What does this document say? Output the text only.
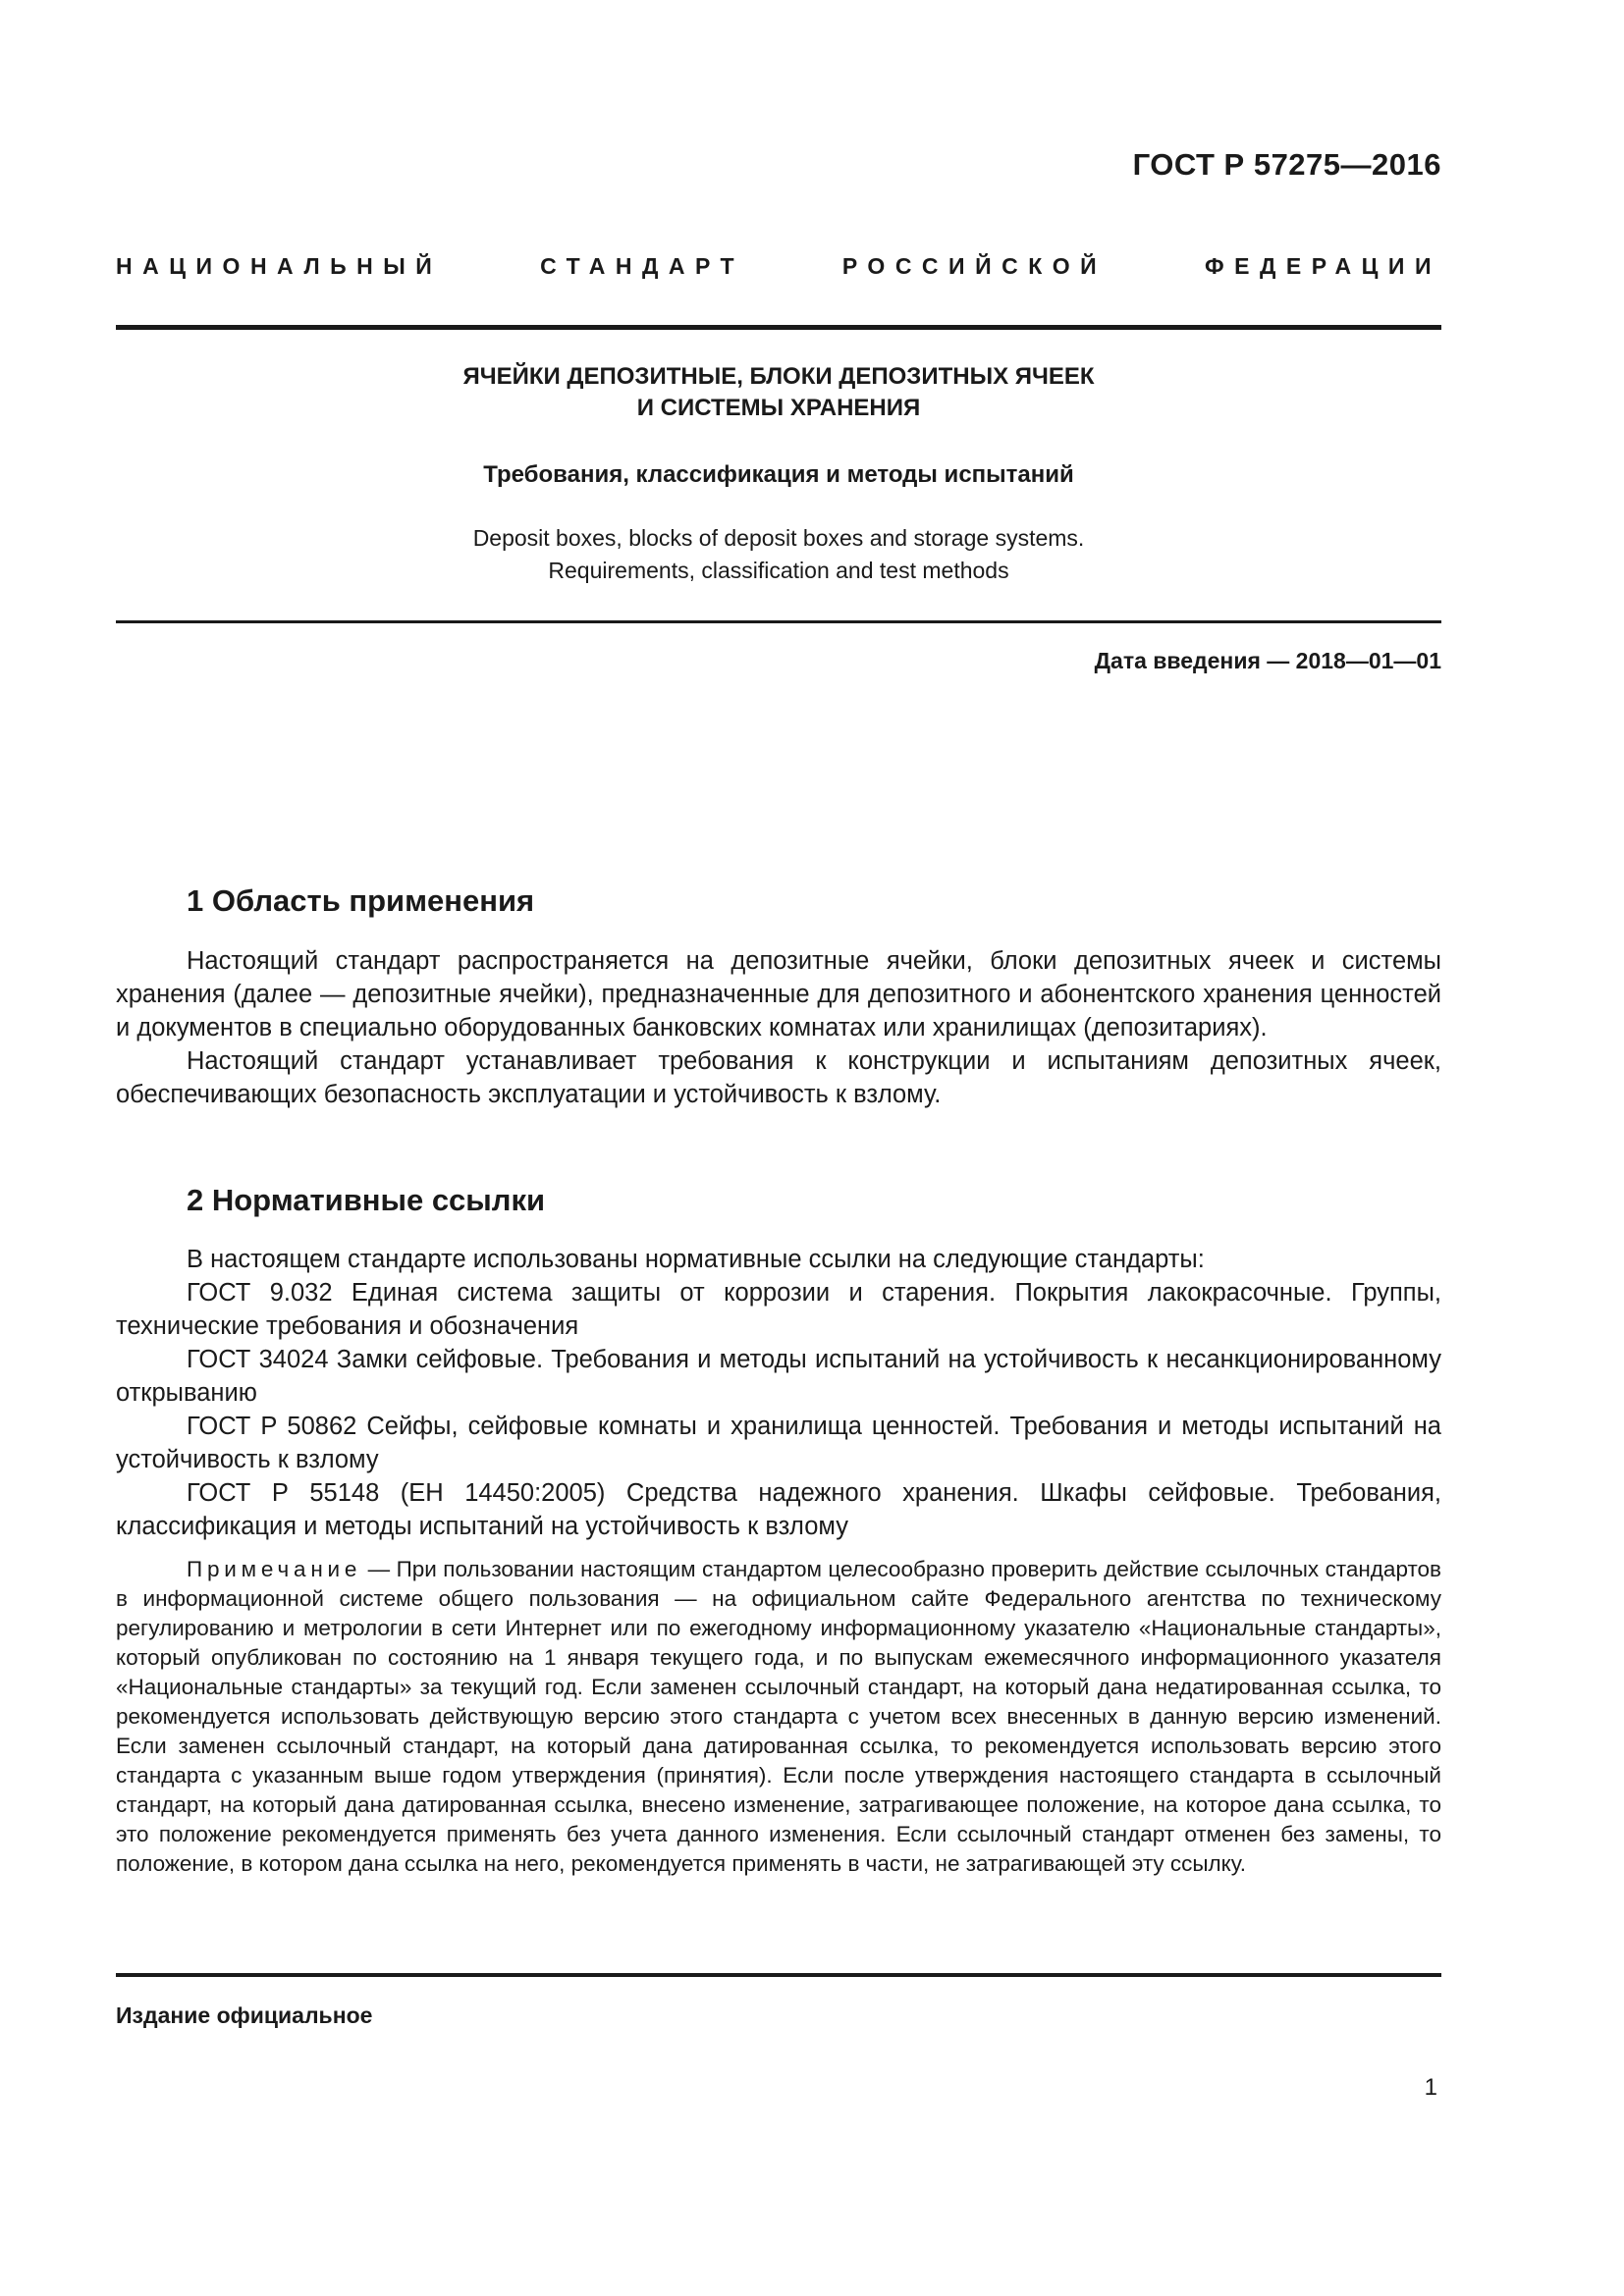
ГОСТ Р 57275—2016
НАЦИОНАЛЬНЫЙ СТАНДАРТ РОССИЙСКОЙ ФЕДЕРАЦИИ
ЯЧЕЙКИ ДЕПОЗИТНЫЕ, БЛОКИ ДЕПОЗИТНЫХ ЯЧЕЕК
И СИСТЕМЫ ХРАНЕНИЯ
Требования, классификация и методы испытаний
Deposit boxes, blocks of deposit boxes and storage systems.
Requirements, classification and test methods
Дата введения — 2018—01—01
1 Область применения

Настоящий стандарт распространяется на депозитные ячейки, блоки депозитных ячеек и системы хранения (далее — депозитные ячейки), предназначенные для депозитного и абонентского хранения ценностей и документов в специально оборудованных банковских комнатах или хранилищах (депозитариях).

Настоящий стандарт устанавливает требования к конструкции и испытаниям депозитных ячеек, обеспечивающих безопасность эксплуатации и устойчивость к взлому.

2 Нормативные ссылки

В настоящем стандарте использованы нормативные ссылки на следующие стандарты:

ГОСТ 9.032 Единая система защиты от коррозии и старения. Покрытия лакокрасочные. Группы, технические требования и обозначения

ГОСТ 34024 Замки сейфовые. Требования и методы испытаний на устойчивость к несанкционированному открыванию

ГОСТ Р 50862 Сейфы, сейфовые комнаты и хранилища ценностей. Требования и методы испытаний на устойчивость к взлому

ГОСТ Р 55148 (ЕН 14450:2005) Средства надежного хранения. Шкафы сейфовые. Требования, классификация и методы испытаний на устойчивость к взлому

Примечание — При пользовании настоящим стандартом целесообразно проверить действие ссылочных стандартов в информационной системе общего пользования — на официальном сайте Федерального агентства по техническому регулированию и метрологии в сети Интернет или по ежегодному информационному указателю «Национальные стандарты», который опубликован по состоянию на 1 января текущего года, и по выпускам ежемесячного информационного указателя «Национальные стандарты» за текущий год. Если заменен ссылочный стандарт, на который дана недатированная ссылка, то рекомендуется использовать действующую версию этого стандарта с учетом всех внесенных в данную версию изменений. Если заменен ссылочный стандарт, на который дана датированная ссылка, то рекомендуется использовать версию этого стандарта с указанным выше годом утверждения (принятия). Если после утверждения настоящего стандарта в ссылочный стандарт, на который дана датированная ссылка, внесено изменение, затрагивающее положение, на которое дана ссылка, то это положение рекомендуется применять без учета данного изменения. Если ссылочный стандарт отменен без замены, то положение, в котором дана ссылка на него, рекомендуется применять в части, не затрагивающей эту ссылку.

Издание официальное
1
